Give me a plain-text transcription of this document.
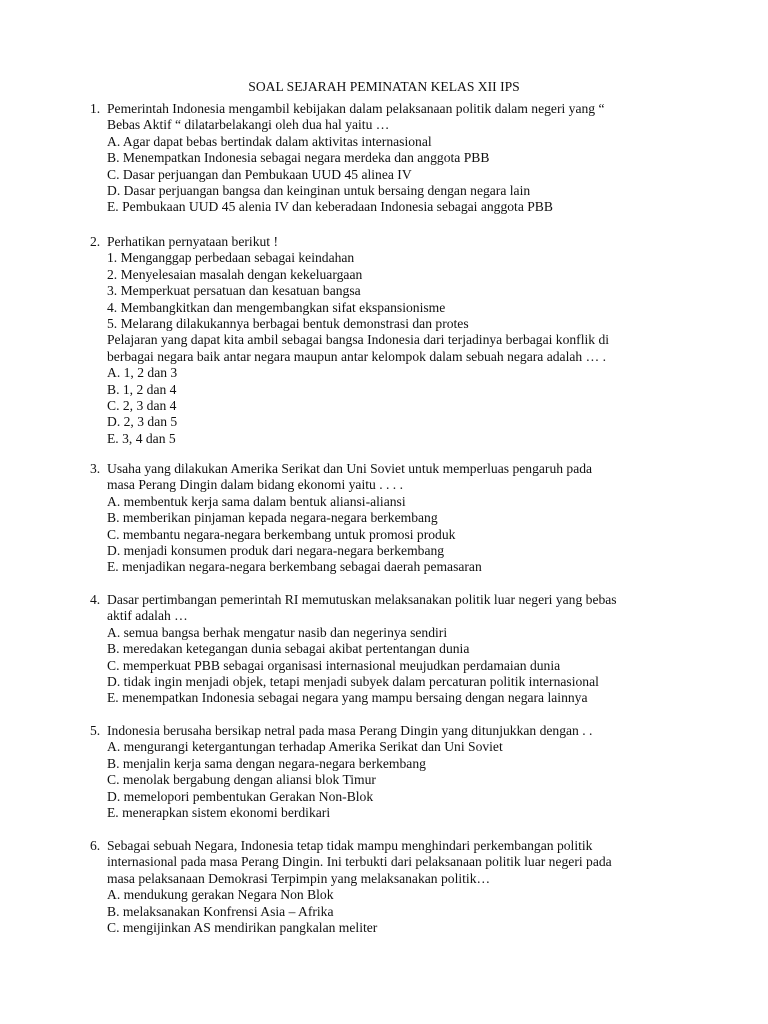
SOAL SEJARAH PEMINATAN KELAS XII IPS
1. Pemerintah Indonesia mengambil kebijakan dalam pelaksanaan politik dalam negeri yang “
Bebas Aktif “ dilatarbelakangi oleh dua hal yaitu …
A. Agar dapat bebas bertindak dalam aktivitas internasional
B. Menempatkan Indonesia sebagai negara merdeka dan anggota PBB
C. Dasar perjuangan dan Pembukaan UUD 45 alinea IV
D. Dasar perjuangan bangsa dan keinginan untuk bersaing dengan negara lain
E. Pembukaan UUD 45 alenia IV dan keberadaan Indonesia sebagai anggota PBB
2. Perhatikan pernyataan berikut !
1. Menganggap perbedaan sebagai keindahan
2. Menyelesaian masalah dengan kekeluargaan
3. Memperkuat persatuan dan kesatuan bangsa
4. Membangkitkan dan mengembangkan sifat ekspansionisme
5. Melarang dilakukannya berbagai bentuk demonstrasi dan protes
Pelajaran yang dapat kita ambil sebagai bangsa Indonesia dari terjadinya berbagai konflik di
berbagai negara baik antar negara maupun antar kelompok dalam sebuah negara adalah … .
A. 1, 2 dan 3
B. 1, 2 dan 4
C. 2, 3 dan 4
D. 2, 3 dan 5
E. 3, 4 dan 5
3. Usaha yang dilakukan Amerika Serikat dan Uni Soviet untuk memperluas pengaruh pada
masa Perang Dingin dalam bidang ekonomi yaitu . . . .
A. membentuk kerja sama dalam bentuk aliansi-aliansi
B. memberikan pinjaman kepada negara-negara berkembang
C. membantu negara-negara berkembang untuk promosi produk
D. menjadi konsumen produk dari negara-negara berkembang
E. menjadikan negara-negara berkembang sebagai daerah pemasaran
4. Dasar pertimbangan pemerintah RI memutuskan melaksanakan politik luar negeri yang bebas
aktif adalah …
A. semua bangsa berhak mengatur nasib dan negerinya sendiri
B. meredakan ketegangan dunia sebagai akibat pertentangan dunia
C. memperkuat PBB sebagai organisasi internasional meujudkan perdamaian dunia
D. tidak ingin menjadi objek, tetapi menjadi subyek dalam percaturan politik internasional
E. menempatkan Indonesia sebagai negara yang mampu bersaing dengan negara lainnya
5. Indonesia berusaha bersikap netral pada masa Perang Dingin yang ditunjukkan dengan . .
A. mengurangi ketergantungan terhadap Amerika Serikat dan Uni Soviet
B. menjalin kerja sama dengan negara-negara berkembang
C. menolak bergabung dengan aliansi blok Timur
D. memelopori pembentukan Gerakan Non-Blok
E. menerapkan sistem ekonomi berdikari
6. Sebagai sebuah Negara, Indonesia tetap tidak mampu menghindari perkembangan politik
internasional pada masa Perang Dingin. Ini terbukti dari pelaksanaan politik luar negeri pada
masa pelaksanaan Demokrasi Terpimpin yang melaksanakan politik…
A. mendukung gerakan Negara Non Blok
B. melaksanakan Konfrensi Asia – Afrika
C. mengijinkan AS mendirikan pangkalan meliter
